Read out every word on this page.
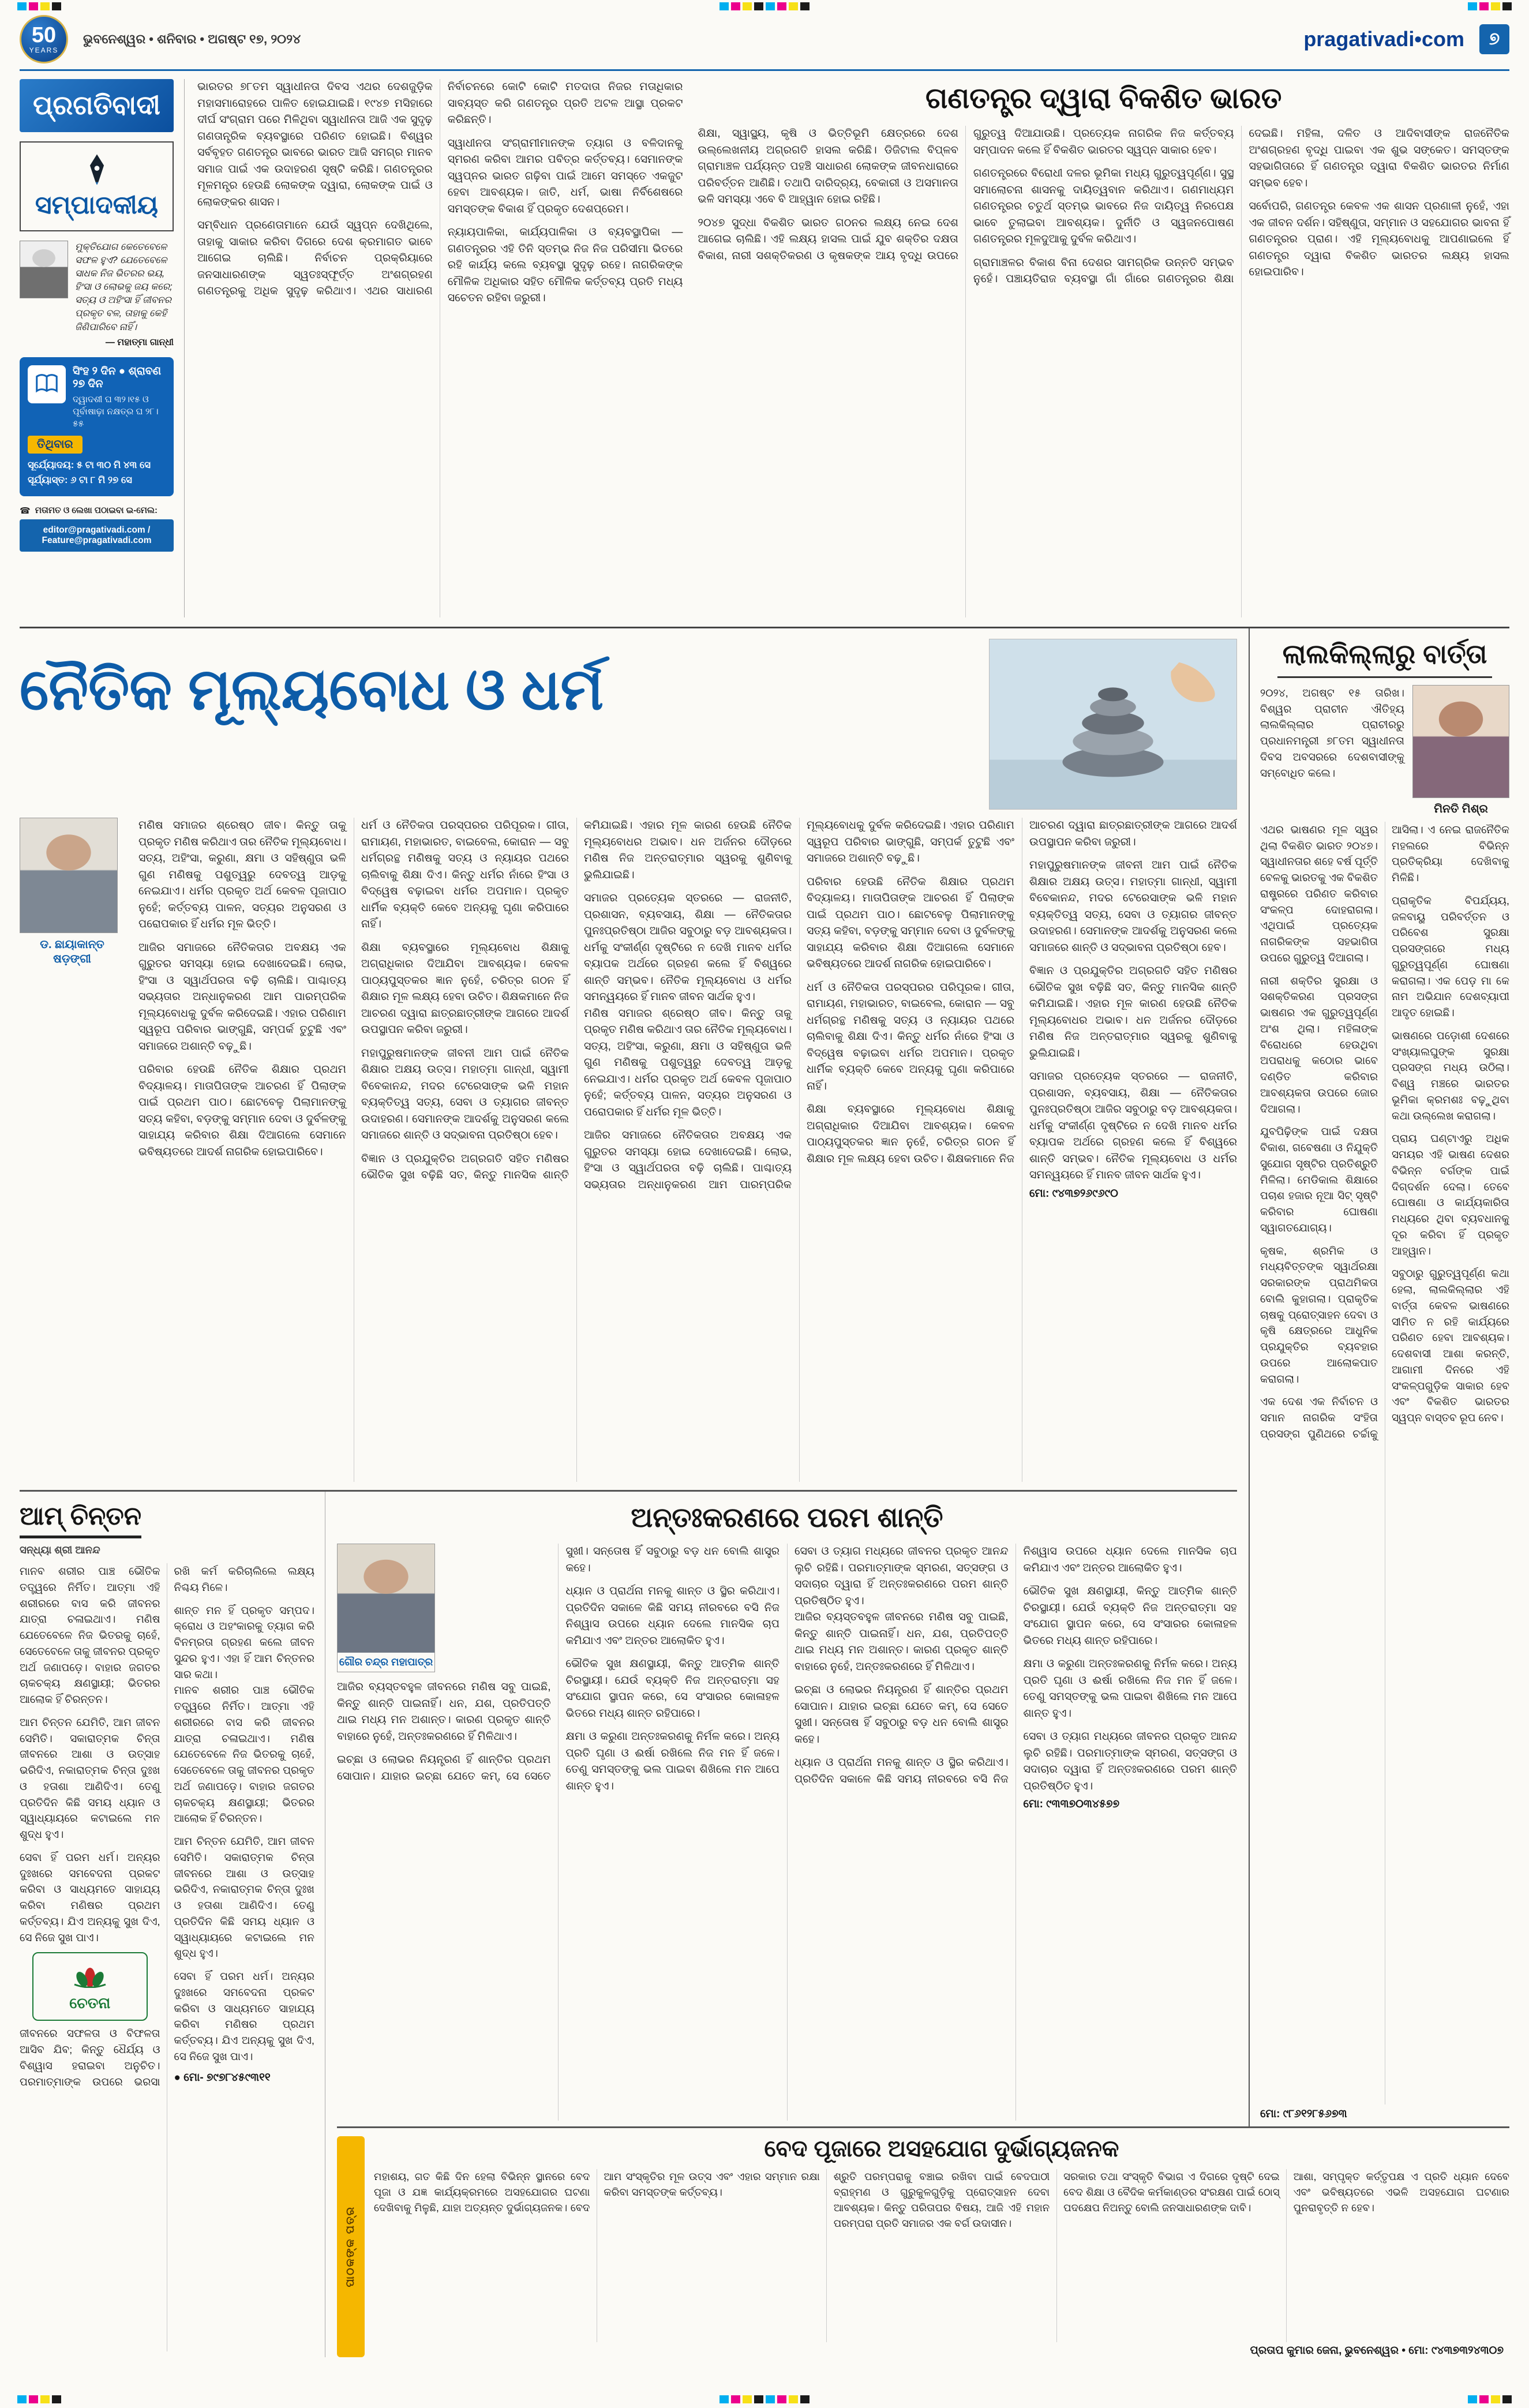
50
YEARS
ଭୁବନେଶ୍ୱର • ଶନିବାର • ଅଗଷ୍ଟ ୧୭, ୨୦୨୪	pragativadi•com	୭
ପ୍ରଗତିବାଦୀ
ସମ୍ପାଦକୀୟ
ମୁକ୍ତିଯୋଗ କେତେବେଳେ ସଫଳ ହୁଏ? ଯେତେବେଳେ ସାଧକ ନିଜ ଭିତରର ଭୟ, ହିଂସା ଓ ଲୋଭକୁ ଜୟ କରେ; ସତ୍ୟ ଓ ଅହିଂସା ହିଁ ଜୀବନର ପ୍ରକୃତ ବଳ, ତାହାକୁ କେହି ଜିଣିପାରିବେ ନାହିଁ।
— ମହାତ୍ମା ଗାନ୍ଧୀ
ସିଂହ ୨ ଦିନ ● ଶ୍ରାବଣ ୨୭ ଦିନ
ଦ୍ୱାଦଶୀ ଘ ୩୨।୧୫ ଓ ପୂର୍ବାଷାଢ଼ା ନକ୍ଷତ୍ର ଘ ୨୮।୫୫
ତିଥିବାର
ସୂର୍ଯ୍ୟୋଦୟ: ୫ ଟା ୩୦ ମି ୪୩ ସେ
ସୂର୍ଯ୍ୟାସ୍ତ: ୬ ଟା ୮ ମି ୨୭ ସେ
☎ ମତାମତ ଓ ଲେଖା ପଠାଇବା ଇ-ମେଲ:
editor@pragativadi.com / Feature@pragativadi.com

ଭାରତର ୭୮ତମ ସ୍ୱାଧୀନତା ଦିବସ ଏଥର ଦେଶଜୁଡ଼ିକ ମହାସମାରୋହରେ ପାଳିତ ହୋଇଯାଇଛି। ୧୯୪୭ ମସିହାରେ ଦୀର୍ଘ ସଂଗ୍ରାମ ପରେ ମିଳିଥିବା ସ୍ୱାଧୀନତା ଆଜି ଏକ ସୁଦୃଢ଼ ଗଣତାନ୍ତ୍ରିକ ବ୍ୟବସ୍ଥାରେ ପରିଣତ ହୋଇଛି। ବିଶ୍ୱର ସର୍ବବୃହତ ଗଣତନ୍ତ୍ର ଭାବରେ ଭାରତ ଆଜି ସମଗ୍ର ମାନବ ସମାଜ ପାଇଁ ଏକ ଉଦାହରଣ ସୃଷ୍ଟି କରିଛି। ଗଣତନ୍ତ୍ରର ମୂଳମନ୍ତ୍ର ହେଉଛି ଲୋକଙ୍କ ଦ୍ୱାରା, ଲୋକଙ୍କ ପାଇଁ ଓ ଲୋକଙ୍କର ଶାସନ।

ସମ୍ବିଧାନ ପ୍ରଣେତାମାନେ ଯେଉଁ ସ୍ୱପ୍ନ ଦେଖିଥିଲେ, ତାହାକୁ ସାକାର କରିବା ଦିଗରେ ଦେଶ କ୍ରମାଗତ ଭାବେ ଆଗେଇ ଚାଲିଛି। ନିର୍ବାଚନ ପ୍ରକ୍ରିୟାରେ ଜନସାଧାରଣଙ୍କ ସ୍ୱତଃସ୍ଫୂର୍ତ୍ତ ଅଂଶଗ୍ରହଣ ଗଣତନ୍ତ୍ରକୁ ଅଧିକ ସୁଦୃଢ଼ କରିଥାଏ। ଏଥର ସାଧାରଣ ନିର୍ବାଚନରେ କୋଟି କୋଟି ମତଦାତା ନିଜର ମତାଧିକାର ସାବ୍ୟସ୍ତ କରି ଗଣତନ୍ତ୍ର ପ୍ରତି ଅଟଳ ଆସ୍ଥା ପ୍ରକଟ କରିଛନ୍ତି।

ସ୍ୱାଧୀନତା ସଂଗ୍ରାମୀମାନଙ୍କ ତ୍ୟାଗ ଓ ବଳିଦାନକୁ ସ୍ମରଣ କରିବା ଆମର ପବିତ୍ର କର୍ତ୍ତବ୍ୟ। ସେମାନଙ୍କ ସ୍ୱପ୍ନର ଭାରତ ଗଢ଼ିବା ପାଇଁ ଆମେ ସମସ୍ତେ ଏକଜୁଟ ହେବା ଆବଶ୍ୟକ। ଜାତି, ଧର୍ମ, ଭାଷା ନିର୍ବିଶେଷରେ ସମସ୍ତଙ୍କ ବିକାଶ ହିଁ ପ୍ରକୃତ ଦେଶପ୍ରେମ।

ନ୍ୟାୟପାଳିକା, କାର୍ଯ୍ୟପାଳିକା ଓ ବ୍ୟବସ୍ଥାପିକା — ଗଣତନ୍ତ୍ରର ଏହି ତିନି ସ୍ତମ୍ଭ ନିଜ ନିଜ ପରିସୀମା ଭିତରେ ରହି କାର୍ଯ୍ୟ କଲେ ବ୍ୟବସ୍ଥା ସୁଦୃଢ଼ ରହେ। ନାଗରିକଙ୍କ ମୌଳିକ ଅଧିକାର ସହିତ ମୌଳିକ କର୍ତ୍ତବ୍ୟ ପ୍ରତି ମଧ୍ୟ ସଚେତନ ରହିବା ଜରୁରୀ।

ଗଣତନ୍ତ୍ର ଦ୍ୱାରା ବିକଶିତ ଭାରତ

ଶିକ୍ଷା, ସ୍ୱାସ୍ଥ୍ୟ, କୃଷି ଓ ଭିତ୍ତିଭୂମି କ୍ଷେତ୍ରରେ ଦେଶ ଉଲ୍ଲେଖନୀୟ ଅଗ୍ରଗତି ହାସଲ କରିଛି। ଡିଜିଟାଲ ବିପ୍ଳବ ଗ୍ରାମାଞ୍ଚଳ ପର୍ଯ୍ୟନ୍ତ ପହଞ୍ଚି ସାଧାରଣ ଲୋକଙ୍କ ଜୀବନଧାରାରେ ପରିବର୍ତ୍ତନ ଆଣିଛି। ତଥାପି ଦାରିଦ୍ର୍ୟ, ବେକାରୀ ଓ ଅସମାନତା ଭଳି ସମସ୍ୟା ଏବେ ବି ଆହ୍ୱାନ ହୋଇ ରହିଛି।

୨୦୪୭ ସୁଦ୍ଧା ବିକଶିତ ଭାରତ ଗଠନର ଲକ୍ଷ୍ୟ ନେଇ ଦେଶ ଆଗେଇ ଚାଲିଛି। ଏହି ଲକ୍ଷ୍ୟ ହାସଲ ପାଇଁ ଯୁବ ଶକ୍ତିର ଦକ୍ଷତା ବିକାଶ, ନାରୀ ସଶକ୍ତିକରଣ ଓ କୃଷକଙ୍କ ଆୟ ବୃଦ୍ଧି ଉପରେ ଗୁରୁତ୍ୱ ଦିଆଯାଉଛି। ପ୍ରତ୍ୟେକ ନାଗରିକ ନିଜ କର୍ତ୍ତବ୍ୟ ସମ୍ପାଦନ କଲେ ହିଁ ବିକଶିତ ଭାରତର ସ୍ୱପ୍ନ ସାକାର ହେବ।

ଗଣତନ୍ତ୍ରରେ ବିରୋଧୀ ଦଳର ଭୂମିକା ମଧ୍ୟ ଗୁରୁତ୍ୱପୂର୍ଣ୍ଣ। ସୁସ୍ଥ ସମାଲୋଚନା ଶାସନକୁ ଦାୟିତ୍ୱବାନ କରିଥାଏ। ଗଣମାଧ୍ୟମ ଗଣତନ୍ତ୍ରର ଚତୁର୍ଥ ସ୍ତମ୍ଭ ଭାବରେ ନିଜ ଦାୟିତ୍ୱ ନିରପେକ୍ଷ ଭାବେ ତୁଲାଇବା ଆବଶ୍ୟକ। ଦୁର୍ନୀତି ଓ ସ୍ୱଜନପୋଷଣ ଗଣତନ୍ତ୍ରର ମୂଳଦୁଆକୁ ଦୁର୍ବଳ କରିଥାଏ।

ଗ୍ରାମାଞ୍ଚଳର ବିକାଶ ବିନା ଦେଶର ସାମଗ୍ରିକ ଉନ୍ନତି ସମ୍ଭବ ନୁହେଁ। ପଞ୍ଚାୟତିରାଜ ବ୍ୟବସ୍ଥା ଗାଁ ଗାଁରେ ଗଣତନ୍ତ୍ରର ଶିକ୍ଷା ଦେଇଛି। ମହିଳା, ଦଳିତ ଓ ଆଦିବାସୀଙ୍କ ରାଜନୈତିକ ଅଂଶଗ୍ରହଣ ବୃଦ୍ଧି ପାଇବା ଏକ ଶୁଭ ସଙ୍କେତ। ସମସ୍ତଙ୍କ ସହଭାଗିତାରେ ହିଁ ଗଣତନ୍ତ୍ର ଦ୍ୱାରା ବିକଶିତ ଭାରତର ନିର୍ମାଣ ସମ୍ଭବ ହେବ।

ସର୍ବୋପରି, ଗଣତନ୍ତ୍ର କେବଳ ଏକ ଶାସନ ପ୍ରଣାଳୀ ନୁହେଁ, ଏହା ଏକ ଜୀବନ ଦର୍ଶନ। ସହିଷ୍ଣୁତା, ସମ୍ମାନ ଓ ସହଯୋଗର ଭାବନା ହିଁ ଗଣତନ୍ତ୍ରର ପ୍ରାଣ। ଏହି ମୂଲ୍ୟବୋଧକୁ ଆପଣାଇଲେ ହିଁ ଗଣତନ୍ତ୍ର ଦ୍ୱାରା ବିକଶିତ ଭାରତର ଲକ୍ଷ୍ୟ ହାସଲ ହୋଇପାରିବ।

ନୈତିକ ମୂଲ୍ୟବୋଧ ଓ ଧର୍ମ
ଡ. ଛାୟାକାନ୍ତ ଷଡ଼ଙ୍ଗୀ

ମଣିଷ ସମାଜର ଶ୍ରେଷ୍ଠ ଜୀବ। କିନ୍ତୁ ତାକୁ ପ୍ରକୃତ ମଣିଷ କରିଥାଏ ତାର ନୈତିକ ମୂଲ୍ୟବୋଧ। ସତ୍ୟ, ଅହିଂସା, କରୁଣା, କ୍ଷମା ଓ ସହିଷ୍ଣୁତା ଭଳି ଗୁଣ ମଣିଷକୁ ପଶୁତ୍ୱରୁ ଦେବତ୍ୱ ଆଡ଼କୁ ନେଇଯାଏ। ଧର୍ମର ପ୍ରକୃତ ଅର୍ଥ କେବଳ ପୂଜାପାଠ ନୁହେଁ; କର୍ତ୍ତବ୍ୟ ପାଳନ, ସତ୍ୟର ଅନୁସରଣ ଓ ପରୋପକାର ହିଁ ଧର୍ମର ମୂଳ ଭିତ୍ତି।

ଆଜିର ସମାଜରେ ନୈତିକତାର ଅବକ୍ଷୟ ଏକ ଗୁରୁତର ସମସ୍ୟା ହୋଇ ଦେଖାଦେଇଛି। ଲୋଭ, ହିଂସା ଓ ସ୍ୱାର୍ଥପରତା ବଢ଼ି ଚାଲିଛି। ପାଶ୍ଚାତ୍ୟ ସଭ୍ୟତାର ଅନ୍ଧାନୁକରଣ ଆମ ପାରମ୍ପରିକ ମୂଲ୍ୟବୋଧକୁ ଦୁର୍ବଳ କରିଦେଇଛି। ଏହାର ପରିଣାମ ସ୍ୱରୂପ ପରିବାର ଭାଙ୍ଗୁଛି, ସମ୍ପର୍କ ତୁଟୁଛି ଏବଂ ସମାଜରେ ଅଶାନ୍ତି ବଢ଼ୁଛି।

ପରିବାର ହେଉଛି ନୈତିକ ଶିକ୍ଷାର ପ୍ରଥମ ବିଦ୍ୟାଳୟ। ମାତାପିତାଙ୍କ ଆଚରଣ ହିଁ ପିଲାଙ୍କ ପାଇଁ ପ୍ରଥମ ପାଠ। ଛୋଟବେଳୁ ପିଲାମାନଙ୍କୁ ସତ୍ୟ କହିବା, ବଡ଼ଙ୍କୁ ସମ୍ମାନ ଦେବା ଓ ଦୁର୍ବଳଙ୍କୁ ସାହାଯ୍ୟ କରିବାର ଶିକ୍ଷା ଦିଆଗଲେ ସେମାନେ ଭବିଷ୍ୟତରେ ଆଦର୍ଶ ନାଗରିକ ହୋଇପାରିବେ।

ଧର୍ମ ଓ ନୈତିକତା ପରସ୍ପରର ପରିପୂରକ। ଗୀତା, ରାମାୟଣ, ମହାଭାରତ, ବାଇବେଲ, କୋରାନ — ସବୁ ଧର୍ମଗ୍ରନ୍ଥ ମଣିଷକୁ ସତ୍ୟ ଓ ନ୍ୟାୟର ପଥରେ ଚାଲିବାକୁ ଶିକ୍ଷା ଦିଏ। କିନ୍ତୁ ଧର୍ମର ନାଁରେ ହିଂସା ଓ ବିଦ୍ୱେଷ ବଢ଼ାଇବା ଧର୍ମର ଅପମାନ। ପ୍ରକୃତ ଧାର୍ମିକ ବ୍ୟକ୍ତି କେବେ ଅନ୍ୟକୁ ଘୃଣା କରିପାରେ ନାହିଁ।

ଶିକ୍ଷା ବ୍ୟବସ୍ଥାରେ ମୂଲ୍ୟବୋଧ ଶିକ୍ଷାକୁ ଅଗ୍ରାଧିକାର ଦିଆଯିବା ଆବଶ୍ୟକ। କେବଳ ପାଠ୍ୟପୁସ୍ତକର ଜ୍ଞାନ ନୁହେଁ, ଚରିତ୍ର ଗଠନ ହିଁ ଶିକ୍ଷାର ମୂଳ ଲକ୍ଷ୍ୟ ହେବା ଉଚିତ। ଶିକ୍ଷକମାନେ ନିଜ ଆଚରଣ ଦ୍ୱାରା ଛାତ୍ରଛାତ୍ରୀଙ୍କ ଆଗରେ ଆଦର୍ଶ ଉପସ୍ଥାପନ କରିବା ଜରୁରୀ।

ମହାପୁରୁଷମାନଙ୍କ ଜୀବନୀ ଆମ ପାଇଁ ନୈତିକ ଶିକ୍ଷାର ଅକ୍ଷୟ ଉତ୍ସ। ମହାତ୍ମା ଗାନ୍ଧୀ, ସ୍ୱାମୀ ବିବେକାନନ୍ଦ, ମଦର ଟେରେସାଙ୍କ ଭଳି ମହାନ ବ୍ୟକ୍ତିତ୍ୱ ସତ୍ୟ, ସେବା ଓ ତ୍ୟାଗର ଜୀବନ୍ତ ଉଦାହରଣ। ସେମାନଙ୍କ ଆଦର୍ଶକୁ ଅନୁସରଣ କଲେ ସମାଜରେ ଶାନ୍ତି ଓ ସଦ୍ଭାବନା ପ୍ରତିଷ୍ଠା ହେବ।

ବିଜ୍ଞାନ ଓ ପ୍ରଯୁକ୍ତିର ଅଗ୍ରଗତି ସହିତ ମଣିଷର ଭୌତିକ ସୁଖ ବଢ଼ିଛି ସତ, କିନ୍ତୁ ମାନସିକ ଶାନ୍ତି କମିଯାଇଛି। ଏହାର ମୂଳ କାରଣ ହେଉଛି ନୈତିକ ମୂଲ୍ୟବୋଧର ଅଭାବ। ଧନ ଅର୍ଜନର ଦୌଡ଼ରେ ମଣିଷ ନିଜ ଅନ୍ତରାତ୍ମାର ସ୍ୱରକୁ ଶୁଣିବାକୁ ଭୁଲିଯାଇଛି।

ସମାଜର ପ୍ରତ୍ୟେକ ସ୍ତରରେ — ରାଜନୀତି, ପ୍ରଶାସନ, ବ୍ୟବସାୟ, ଶିକ୍ଷା — ନୈତିକତାର ପୁନଃପ୍ରତିଷ୍ଠା ଆଜିର ସବୁଠାରୁ ବଡ଼ ଆବଶ୍ୟକତା। ଧର୍ମକୁ ସଂକୀର୍ଣ୍ଣ ଦୃଷ୍ଟିରେ ନ ଦେଖି ମାନବ ଧର୍ମର ବ୍ୟାପକ ଅର୍ଥରେ ଗ୍ରହଣ କଲେ ହିଁ ବିଶ୍ୱରେ ଶାନ୍ତି ସମ୍ଭବ। ନୈତିକ ମୂଲ୍ୟବୋଧ ଓ ଧର୍ମର ସମନ୍ୱୟରେ ହିଁ ମାନବ ଜୀବନ ସାର୍ଥକ ହୁଏ।

ମଣିଷ ସମାଜର ଶ୍ରେଷ୍ଠ ଜୀବ। କିନ୍ତୁ ତାକୁ ପ୍ରକୃତ ମଣିଷ କରିଥାଏ ତାର ନୈତିକ ମୂଲ୍ୟବୋଧ। ସତ୍ୟ, ଅହିଂସା, କରୁଣା, କ୍ଷମା ଓ ସହିଷ୍ଣୁତା ଭଳି ଗୁଣ ମଣିଷକୁ ପଶୁତ୍ୱରୁ ଦେବତ୍ୱ ଆଡ଼କୁ ନେଇଯାଏ। ଧର୍ମର ପ୍ରକୃତ ଅର୍ଥ କେବଳ ପୂଜାପାଠ ନୁହେଁ; କର୍ତ୍ତବ୍ୟ ପାଳନ, ସତ୍ୟର ଅନୁସରଣ ଓ ପରୋପକାର ହିଁ ଧର୍ମର ମୂଳ ଭିତ୍ତି।

ଆଜିର ସମାଜରେ ନୈତିକତାର ଅବକ୍ଷୟ ଏକ ଗୁରୁତର ସମସ୍ୟା ହୋଇ ଦେଖାଦେଇଛି। ଲୋଭ, ହିଂସା ଓ ସ୍ୱାର୍ଥପରତା ବଢ଼ି ଚାଲିଛି। ପାଶ୍ଚାତ୍ୟ ସଭ୍ୟତାର ଅନ୍ଧାନୁକରଣ ଆମ ପାରମ୍ପରିକ ମୂଲ୍ୟବୋଧକୁ ଦୁର୍ବଳ କରିଦେଇଛି। ଏହାର ପରିଣାମ ସ୍ୱରୂପ ପରିବାର ଭାଙ୍ଗୁଛି, ସମ୍ପର୍କ ତୁଟୁଛି ଏବଂ ସମାଜରେ ଅଶାନ୍ତି ବଢ଼ୁଛି।

ପରିବାର ହେଉଛି ନୈତିକ ଶିକ୍ଷାର ପ୍ରଥମ ବିଦ୍ୟାଳୟ। ମାତାପିତାଙ୍କ ଆଚରଣ ହିଁ ପିଲାଙ୍କ ପାଇଁ ପ୍ରଥମ ପାଠ। ଛୋଟବେଳୁ ପିଲାମାନଙ୍କୁ ସତ୍ୟ କହିବା, ବଡ଼ଙ୍କୁ ସମ୍ମାନ ଦେବା ଓ ଦୁର୍ବଳଙ୍କୁ ସାହାଯ୍ୟ କରିବାର ଶିକ୍ଷା ଦିଆଗଲେ ସେମାନେ ଭବିଷ୍ୟତରେ ଆଦର୍ଶ ନାଗରିକ ହୋଇପାରିବେ।

ଧର୍ମ ଓ ନୈତିକତା ପରସ୍ପରର ପରିପୂରକ। ଗୀତା, ରାମାୟଣ, ମହାଭାରତ, ବାଇବେଲ, କୋରାନ — ସବୁ ଧର୍ମଗ୍ରନ୍ଥ ମଣିଷକୁ ସତ୍ୟ ଓ ନ୍ୟାୟର ପଥରେ ଚାଲିବାକୁ ଶିକ୍ଷା ଦିଏ। କିନ୍ତୁ ଧର୍ମର ନାଁରେ ହିଂସା ଓ ବିଦ୍ୱେଷ ବଢ଼ାଇବା ଧର୍ମର ଅପମାନ। ପ୍ରକୃତ ଧାର୍ମିକ ବ୍ୟକ୍ତି କେବେ ଅନ୍ୟକୁ ଘୃଣା କରିପାରେ ନାହିଁ।

ଶିକ୍ଷା ବ୍ୟବସ୍ଥାରେ ମୂଲ୍ୟବୋଧ ଶିକ୍ଷାକୁ ଅଗ୍ରାଧିକାର ଦିଆଯିବା ଆବଶ୍ୟକ। କେବଳ ପାଠ୍ୟପୁସ୍ତକର ଜ୍ଞାନ ନୁହେଁ, ଚରିତ୍ର ଗଠନ ହିଁ ଶିକ୍ଷାର ମୂଳ ଲକ୍ଷ୍ୟ ହେବା ଉଚିତ। ଶିକ୍ଷକମାନେ ନିଜ ଆଚରଣ ଦ୍ୱାରା ଛାତ୍ରଛାତ୍ରୀଙ୍କ ଆଗରେ ଆଦର୍ଶ ଉପସ୍ଥାପନ କରିବା ଜରୁରୀ।

ମହାପୁରୁଷମାନଙ୍କ ଜୀବନୀ ଆମ ପାଇଁ ନୈତିକ ଶିକ୍ଷାର ଅକ୍ଷୟ ଉତ୍ସ। ମହାତ୍ମା ଗାନ୍ଧୀ, ସ୍ୱାମୀ ବିବେକାନନ୍ଦ, ମଦର ଟେରେସାଙ୍କ ଭଳି ମହାନ ବ୍ୟକ୍ତିତ୍ୱ ସତ୍ୟ, ସେବା ଓ ତ୍ୟାଗର ଜୀବନ୍ତ ଉଦାହରଣ। ସେମାନଙ୍କ ଆଦର୍ଶକୁ ଅନୁସରଣ କଲେ ସମାଜରେ ଶାନ୍ତି ଓ ସଦ୍ଭାବନା ପ୍ରତିଷ୍ଠା ହେବ।

ବିଜ୍ଞାନ ଓ ପ୍ରଯୁକ୍ତିର ଅଗ୍ରଗତି ସହିତ ମଣିଷର ଭୌତିକ ସୁଖ ବଢ଼ିଛି ସତ, କିନ୍ତୁ ମାନସିକ ଶାନ୍ତି କମିଯାଇଛି। ଏହାର ମୂଳ କାରଣ ହେଉଛି ନୈତିକ ମୂଲ୍ୟବୋଧର ଅଭାବ। ଧନ ଅର୍ଜନର ଦୌଡ଼ରେ ମଣିଷ ନିଜ ଅନ୍ତରାତ୍ମାର ସ୍ୱରକୁ ଶୁଣିବାକୁ ଭୁଲିଯାଇଛି।

ସମାଜର ପ୍ରତ୍ୟେକ ସ୍ତରରେ — ରାଜନୀତି, ପ୍ରଶାସନ, ବ୍ୟବସାୟ, ଶିକ୍ଷା — ନୈତିକତାର ପୁନଃପ୍ରତିଷ୍ଠା ଆଜିର ସବୁଠାରୁ ବଡ଼ ଆବଶ୍ୟକତା। ଧର୍ମକୁ ସଂକୀର୍ଣ୍ଣ ଦୃଷ୍ଟିରେ ନ ଦେଖି ମାନବ ଧର୍ମର ବ୍ୟାପକ ଅର୍ଥରେ ଗ୍ରହଣ କଲେ ହିଁ ବିଶ୍ୱରେ ଶାନ୍ତି ସମ୍ଭବ। ନୈତିକ ମୂଲ୍ୟବୋଧ ଓ ଧର୍ମର ସମନ୍ୱୟରେ ହିଁ ମାନବ ଜୀବନ ସାର୍ଥକ ହୁଏ।

ମୋ: ୯୪୩୭୨୬୯୬୯୦
ଲାଲକିଲ୍ଲାରୁ ବାର୍ତ୍ତା

୨୦୨୪, ଅଗଷ୍ଟ ୧୫ ତାରିଖ। ବିଶ୍ୱର ପ୍ରାଚୀନ ଐତିହ୍ୟ ଲାଲକିଲ୍ଲାର ପ୍ରାଚୀରରୁ ପ୍ରଧାନମନ୍ତ୍ରୀ ୭୮ତମ ସ୍ୱାଧୀନତା ଦିବସ ଅବସରରେ ଦେଶବାସୀଙ୍କୁ ସମ୍ବୋଧିତ କଲେ।

ମିନତି ମିଶ୍ର

ଏଥର ଭାଷଣର ମୂଳ ସ୍ୱର ଥିଲା ବିକଶିତ ଭାରତ ୨୦୪୭। ସ୍ୱାଧୀନତାର ଶହେ ବର୍ଷ ପୂର୍ତ୍ତି ବେଳକୁ ଭାରତକୁ ଏକ ବିକଶିତ ରାଷ୍ଟ୍ରରେ ପରିଣତ କରିବାର ସଂକଳ୍ପ ଦୋହରାଗଲା। ଏଥିପାଇଁ ପ୍ରତ୍ୟେକ ନାଗରିକଙ୍କ ସହଭାଗିତା ଉପରେ ଗୁରୁତ୍ୱ ଦିଆଗଲା।

ନାରୀ ଶକ୍ତିର ସୁରକ୍ଷା ଓ ସଶକ୍ତିକରଣ ପ୍ରସଙ୍ଗ ଭାଷଣର ଏକ ଗୁରୁତ୍ୱପୂର୍ଣ୍ଣ ଅଂଶ ଥିଲା। ମହିଳାଙ୍କ ବିରୋଧରେ ହେଉଥିବା ଅପରାଧକୁ କଠୋର ଭାବେ ଦଣ୍ଡିତ କରିବାର ଆବଶ୍ୟକତା ଉପରେ ଜୋର ଦିଆଗଲା।

ଯୁବପିଢ଼ିଙ୍କ ପାଇଁ ଦକ୍ଷତା ବିକାଶ, ଗବେଷଣା ଓ ନିଯୁକ୍ତି ସୁଯୋଗ ସୃଷ୍ଟିର ପ୍ରତିଶ୍ରୁତି ମିଳିଲା। ମେଡିକାଲ ଶିକ୍ଷାରେ ପଚାଶ ହଜାର ନୂଆ ସିଟ୍ ସୃଷ୍ଟି କରିବାର ଘୋଷଣା ସ୍ୱାଗତଯୋଗ୍ୟ।

କୃଷକ, ଶ୍ରମିକ ଓ ମଧ୍ୟବିତ୍ତଙ୍କ ସ୍ୱାର୍ଥରକ୍ଷା ସରକାରଙ୍କ ପ୍ରାଥମିକତା ବୋଲି କୁହାଗଲା। ପ୍ରାକୃତିକ ଚାଷକୁ ପ୍ରୋତ୍ସାହନ ଦେବା ଓ କୃଷି କ୍ଷେତ୍ରରେ ଆଧୁନିକ ପ୍ରଯୁକ୍ତିର ବ୍ୟବହାର ଉପରେ ଆଲୋକପାତ କରାଗଲା।

ଏକ ଦେଶ ଏକ ନିର୍ବାଚନ ଓ ସମାନ ନାଗରିକ ସଂହିତା ପ୍ରସଙ୍ଗ ପୁଣିଥରେ ଚର୍ଚ୍ଚାକୁ ଆସିଲା। ଏ ନେଇ ରାଜନୈତିକ ମହଲରେ ବିଭିନ୍ନ ପ୍ରତିକ୍ରିୟା ଦେଖିବାକୁ ମିଳିଛି।

ପ୍ରାକୃତିକ ବିପର୍ଯ୍ୟୟ, ଜଳବାୟୁ ପରିବର୍ତ୍ତନ ଓ ପରିବେଶ ସୁରକ୍ଷା ପ୍ରସଙ୍ଗରେ ମଧ୍ୟ ଗୁରୁତ୍ୱପୂର୍ଣ୍ଣ ଘୋଷଣା କରାଗଲା। ଏକ ପେଡ଼ ମା କେ ନାମ ଅଭିଯାନ ଦେଶବ୍ୟାପୀ ଆଦୃତ ହୋଇଛି।

ଭାଷଣରେ ପଡ଼ୋଶୀ ଦେଶରେ ସଂଖ୍ୟାଲଘୁଙ୍କ ସୁରକ୍ଷା ପ୍ରସଙ୍ଗ ମଧ୍ୟ ଉଠିଲା। ବିଶ୍ୱ ମଞ୍ଚରେ ଭାରତର ଭୂମିକା କ୍ରମଶଃ ବଢ଼ୁଥିବା କଥା ଉଲ୍ଲେଖ କରାଗଲା।

ପ୍ରାୟ ଘଣ୍ଟାଏରୁ ଅଧିକ ସମୟର ଏହି ଭାଷଣ ଦେଶର ବିଭିନ୍ନ ବର୍ଗଙ୍କ ପାଇଁ ଦିଗ୍‌ଦର୍ଶନ ଦେଲା। ତେବେ ଘୋଷଣା ଓ କାର୍ଯ୍ୟକାରିତା ମଧ୍ୟରେ ଥିବା ବ୍ୟବଧାନକୁ ଦୂର କରିବା ହିଁ ପ୍ରକୃତ ଆହ୍ୱାନ।

ସବୁଠାରୁ ଗୁରୁତ୍ୱପୂର୍ଣ୍ଣ କଥା ହେଲା, ଲାଲକିଲ୍ଲାର ଏହି ବାର୍ତ୍ତା କେବଳ ଭାଷଣରେ ସୀମିତ ନ ରହି କାର୍ଯ୍ୟରେ ପରିଣତ ହେବା ଆବଶ୍ୟକ। ଦେଶବାସୀ ଆଶା କରନ୍ତି, ଆଗାମୀ ଦିନରେ ଏହି ସଂକଳ୍ପଗୁଡ଼ିକ ସାକାର ହେବ ଏବଂ ବିକଶିତ ଭାରତର ସ୍ୱପ୍ନ ବାସ୍ତବ ରୂପ ନେବ।

ମୋ: ୯୮୬୧୨୮୫୬୭୩
ଆମ୍ ଚିନ୍ତନ
ସନ୍ଧ୍ୟା ଶ୍ରୀ ଆନନ୍ଦ

ମାନବ ଶରୀର ପାଞ୍ଚ ଭୌତିକ ତତ୍ତ୍ୱରେ ନିର୍ମିତ। ଆତ୍ମା ଏହି ଶରୀରରେ ବାସ କରି ଜୀବନର ଯାତ୍ରା ଚଳାଇଥାଏ। ମଣିଷ ଯେତେବେଳେ ନିଜ ଭିତରକୁ ଚାହେଁ, ସେତେବେଳେ ତାକୁ ଜୀବନର ପ୍ରକୃତ ଅର୍ଥ ଜଣାପଡ଼େ। ବାହାର ଜଗତର ଚାକଚକ୍ୟ କ୍ଷଣସ୍ଥାୟୀ; ଭିତରର ଆଲୋକ ହିଁ ଚିରନ୍ତନ।

ଆମ ଚିନ୍ତନ ଯେମିତି, ଆମ ଜୀବନ ସେମିତି। ସକାରାତ୍ମକ ଚିନ୍ତା ଜୀବନରେ ଆଶା ଓ ଉତ୍ସାହ ଭରିଦିଏ, ନକାରାତ୍ମକ ଚିନ୍ତା ଦୁଃଖ ଓ ହତାଶା ଆଣିଦିଏ। ତେଣୁ ପ୍ରତିଦିନ କିଛି ସମୟ ଧ୍ୟାନ ଓ ସ୍ୱାଧ୍ୟାୟରେ କଟାଇଲେ ମନ ଶୁଦ୍ଧ ହୁଏ।

ସେବା ହିଁ ପରମ ଧର୍ମ। ଅନ୍ୟର ଦୁଃଖରେ ସମବେଦନା ପ୍ରକଟ କରିବା ଓ ସାଧ୍ୟମତେ ସାହାଯ୍ୟ କରିବା ମଣିଷର ପ୍ରଥମ କର୍ତ୍ତବ୍ୟ। ଯିଏ ଅନ୍ୟକୁ ସୁଖ ଦିଏ, ସେ ନିଜେ ସୁଖ ପାଏ।

ଚେତନା

ଜୀବନରେ ସଫଳତା ଓ ବିଫଳତା ଆସିବ ଯିବ; କିନ୍ତୁ ଧୈର୍ଯ୍ୟ ଓ ବିଶ୍ୱାସ ହରାଇବା ଅନୁଚିତ। ପରମାତ୍ମାଙ୍କ ଉପରେ ଭରସା ରଖି କର୍ମ କରିଚାଲିଲେ ଲକ୍ଷ୍ୟ ନିଶ୍ଚୟ ମିଳେ।

ଶାନ୍ତ ମନ ହିଁ ପ୍ରକୃତ ସମ୍ପଦ। କ୍ରୋଧ ଓ ଅହଂକାରକୁ ତ୍ୟାଗ କରି ବିନମ୍ରତା ଗ୍ରହଣ କଲେ ଜୀବନ ସୁନ୍ଦର ହୁଏ। ଏହା ହିଁ ଆମ ଚିନ୍ତନର ସାର କଥା।

ମାନବ ଶରୀର ପାଞ୍ଚ ଭୌତିକ ତତ୍ତ୍ୱରେ ନିର୍ମିତ। ଆତ୍ମା ଏହି ଶରୀରରେ ବାସ କରି ଜୀବନର ଯାତ୍ରା ଚଳାଇଥାଏ। ମଣିଷ ଯେତେବେଳେ ନିଜ ଭିତରକୁ ଚାହେଁ, ସେତେବେଳେ ତାକୁ ଜୀବନର ପ୍ରକୃତ ଅର୍ଥ ଜଣାପଡ଼େ। ବାହାର ଜଗତର ଚାକଚକ୍ୟ କ୍ଷଣସ୍ଥାୟୀ; ଭିତରର ଆଲୋକ ହିଁ ଚିରନ୍ତନ।

ଆମ ଚିନ୍ତନ ଯେମିତି, ଆମ ଜୀବନ ସେମିତି। ସକାରାତ୍ମକ ଚିନ୍ତା ଜୀବନରେ ଆଶା ଓ ଉତ୍ସାହ ଭରିଦିଏ, ନକାରାତ୍ମକ ଚିନ୍ତା ଦୁଃଖ ଓ ହତାଶା ଆଣିଦିଏ। ତେଣୁ ପ୍ରତିଦିନ କିଛି ସମୟ ଧ୍ୟାନ ଓ ସ୍ୱାଧ୍ୟାୟରେ କଟାଇଲେ ମନ ଶୁଦ୍ଧ ହୁଏ।

ସେବା ହିଁ ପରମ ଧର୍ମ। ଅନ୍ୟର ଦୁଃଖରେ ସମବେଦନା ପ୍ରକଟ କରିବା ଓ ସାଧ୍ୟମତେ ସାହାଯ୍ୟ କରିବା ମଣିଷର ପ୍ରଥମ କର୍ତ୍ତବ୍ୟ। ଯିଏ ଅନ୍ୟକୁ ସୁଖ ଦିଏ, ସେ ନିଜେ ସୁଖ ପାଏ।

● ମୋ- ୭୯୭୮୪୫୯୩୧୧
ଅନ୍ତଃକରଣରେ ପରମ ଶାନ୍ତି
ଗୌର ଚନ୍ଦ୍ର ମହାପାତ୍ର

ଆଜିର ବ୍ୟସ୍ତବହୁଳ ଜୀବନରେ ମଣିଷ ସବୁ ପାଇଛି, କିନ୍ତୁ ଶାନ୍ତି ପାଇନାହିଁ। ଧନ, ଯଶ, ପ୍ରତିପତ୍ତି ଥାଇ ମଧ୍ୟ ମନ ଅଶାନ୍ତ। କାରଣ ପ୍ରକୃତ ଶାନ୍ତି ବାହାରେ ନୁହେଁ, ଅନ୍ତଃକରଣରେ ହିଁ ମିଳିଥାଏ।

ଇଚ୍ଛା ଓ ଲୋଭର ନିୟନ୍ତ୍ରଣ ହିଁ ଶାନ୍ତିର ପ୍ରଥମ ସୋପାନ। ଯାହାର ଇଚ୍ଛା ଯେତେ କମ୍, ସେ ସେତେ ସୁଖୀ। ସନ୍ତୋଷ ହିଁ ସବୁଠାରୁ ବଡ଼ ଧନ ବୋଲି ଶାସ୍ତ୍ର କହେ।

ଧ୍ୟାନ ଓ ପ୍ରାର୍ଥନା ମନକୁ ଶାନ୍ତ ଓ ସ୍ଥିର କରିଥାଏ। ପ୍ରତିଦିନ ସକାଳେ କିଛି ସମୟ ନୀରବରେ ବସି ନିଜ ନିଶ୍ୱାସ ଉପରେ ଧ୍ୟାନ ଦେଲେ ମାନସିକ ଚାପ କମିଯାଏ ଏବଂ ଅନ୍ତର ଆଲୋକିତ ହୁଏ।

ଭୌତିକ ସୁଖ କ୍ଷଣସ୍ଥାୟୀ, କିନ୍ତୁ ଆତ୍ମିକ ଶାନ୍ତି ଚିରସ୍ଥାୟୀ। ଯେଉଁ ବ୍ୟକ୍ତି ନିଜ ଅନ୍ତରାତ୍ମା ସହ ସଂଯୋଗ ସ୍ଥାପନ କରେ, ସେ ସଂସାରର କୋଳାହଳ ଭିତରେ ମଧ୍ୟ ଶାନ୍ତ ରହିପାରେ।

କ୍ଷମା ଓ କରୁଣା ଅନ୍ତଃକରଣକୁ ନିର୍ମଳ କରେ। ଅନ୍ୟ ପ୍ରତି ଘୃଣା ଓ ଈର୍ଷା ରଖିଲେ ନିଜ ମନ ହିଁ ଜଳେ। ତେଣୁ ସମସ୍ତଙ୍କୁ ଭଲ ପାଇବା ଶିଖିଲେ ମନ ଆପେ ଶାନ୍ତ ହୁଏ।

ସେବା ଓ ତ୍ୟାଗ ମଧ୍ୟରେ ଜୀବନର ପ୍ରକୃତ ଆନନ୍ଦ ଲୁଚି ରହିଛି। ପରମାତ୍ମାଙ୍କ ସ୍ମରଣ, ସତ୍ସଙ୍ଗ ଓ ସଦାଚାର ଦ୍ୱାରା ହିଁ ଅନ୍ତଃକରଣରେ ପରମ ଶାନ୍ତି ପ୍ରତିଷ୍ଠିତ ହୁଏ।

ଆଜିର ବ୍ୟସ୍ତବହୁଳ ଜୀବନରେ ମଣିଷ ସବୁ ପାଇଛି, କିନ୍ତୁ ଶାନ୍ତି ପାଇନାହିଁ। ଧନ, ଯଶ, ପ୍ରତିପତ୍ତି ଥାଇ ମଧ୍ୟ ମନ ଅଶାନ୍ତ। କାରଣ ପ୍ରକୃତ ଶାନ୍ତି ବାହାରେ ନୁହେଁ, ଅନ୍ତଃକରଣରେ ହିଁ ମିଳିଥାଏ।

ଇଚ୍ଛା ଓ ଲୋଭର ନିୟନ୍ତ୍ରଣ ହିଁ ଶାନ୍ତିର ପ୍ରଥମ ସୋପାନ। ଯାହାର ଇଚ୍ଛା ଯେତେ କମ୍, ସେ ସେତେ ସୁଖୀ। ସନ୍ତୋଷ ହିଁ ସବୁଠାରୁ ବଡ଼ ଧନ ବୋଲି ଶାସ୍ତ୍ର କହେ।

ଧ୍ୟାନ ଓ ପ୍ରାର୍ଥନା ମନକୁ ଶାନ୍ତ ଓ ସ୍ଥିର କରିଥାଏ। ପ୍ରତିଦିନ ସକାଳେ କିଛି ସମୟ ନୀରବରେ ବସି ନିଜ ନିଶ୍ୱାସ ଉପରେ ଧ୍ୟାନ ଦେଲେ ମାନସିକ ଚାପ କମିଯାଏ ଏବଂ ଅନ୍ତର ଆଲୋକିତ ହୁଏ।

ଭୌତିକ ସୁଖ କ୍ଷଣସ୍ଥାୟୀ, କିନ୍ତୁ ଆତ୍ମିକ ଶାନ୍ତି ଚିରସ୍ଥାୟୀ। ଯେଉଁ ବ୍ୟକ୍ତି ନିଜ ଅନ୍ତରାତ୍ମା ସହ ସଂଯୋଗ ସ୍ଥାପନ କରେ, ସେ ସଂସାରର କୋଳାହଳ ଭିତରେ ମଧ୍ୟ ଶାନ୍ତ ରହିପାରେ।

କ୍ଷମା ଓ କରୁଣା ଅନ୍ତଃକରଣକୁ ନିର୍ମଳ କରେ। ଅନ୍ୟ ପ୍ରତି ଘୃଣା ଓ ଈର୍ଷା ରଖିଲେ ନିଜ ମନ ହିଁ ଜଳେ। ତେଣୁ ସମସ୍ତଙ୍କୁ ଭଲ ପାଇବା ଶିଖିଲେ ମନ ଆପେ ଶାନ୍ତ ହୁଏ।

ସେବା ଓ ତ୍ୟାଗ ମଧ୍ୟରେ ଜୀବନର ପ୍ରକୃତ ଆନନ୍ଦ ଲୁଚି ରହିଛି। ପରମାତ୍ମାଙ୍କ ସ୍ମରଣ, ସତ୍ସଙ୍ଗ ଓ ସଦାଚାର ଦ୍ୱାରା ହିଁ ଅନ୍ତଃକରଣରେ ପରମ ଶାନ୍ତି ପ୍ରତିଷ୍ଠିତ ହୁଏ।

ମୋ: ୯୩୩୭୦୩୪୫୭୭
ପାଠକଙ୍କ ପତ୍ର
ବେଦ ପୂଜାରେ ଅସହଯୋଗ ଦୁର୍ଭାଗ୍ୟଜନକ

ମହାଶୟ, ଗତ କିଛି ଦିନ ହେଲା ବିଭିନ୍ନ ସ୍ଥାନରେ ବେଦ ପୂଜା ଓ ଯଜ୍ଞ କାର୍ଯ୍ୟକ୍ରମରେ ଅସହଯୋଗର ଘଟଣା ଦେଖିବାକୁ ମିଳୁଛି, ଯାହା ଅତ୍ୟନ୍ତ ଦୁର୍ଭାଗ୍ୟଜନକ। ବେଦ ଆମ ସଂସ୍କୃତିର ମୂଳ ଉତ୍ସ ଏବଂ ଏହାର ସମ୍ମାନ ରକ୍ଷା କରିବା ସମସ୍ତଙ୍କ କର୍ତ୍ତବ୍ୟ।

ଶ୍ରୁତି ପରମ୍ପରାକୁ ବଞ୍ଚାଇ ରଖିବା ପାଇଁ ବେଦପାଠୀ ବ୍ରାହ୍ମଣ ଓ ଗୁରୁକୁଳଗୁଡ଼ିକୁ ପ୍ରୋତ୍ସାହନ ଦେବା ଆବଶ୍ୟକ। କିନ୍ତୁ ପରିତାପର ବିଷୟ, ଆଜି ଏହି ମହାନ ପରମ୍ପରା ପ୍ରତି ସମାଜର ଏକ ବର୍ଗ ଉଦାସୀନ।

ସରକାର ତଥା ସଂସ୍କୃତି ବିଭାଗ ଏ ଦିଗରେ ଦୃଷ୍ଟି ଦେଇ ବେଦ ଶିକ୍ଷା ଓ ବୈଦିକ କର୍ମକାଣ୍ଡର ସଂରକ୍ଷଣ ପାଇଁ ଠୋସ୍ ପଦକ୍ଷେପ ନିଅନ୍ତୁ ବୋଲି ଜନସାଧାରଣଙ୍କ ଦାବି।

ଆଶା, ସମ୍ପୃକ୍ତ କର୍ତ୍ତୃପକ୍ଷ ଏ ପ୍ରତି ଧ୍ୟାନ ଦେବେ ଏବଂ ଭବିଷ୍ୟତରେ ଏଭଳି ଅସହଯୋଗ ଘଟଣାର ପୁନରାବୃତ୍ତି ନ ହେବ।

ପ୍ରତାପ କୁମାର ଜେନା, ଭୁବନେଶ୍ୱର • ମୋ: ୯୪୩୭୩୨୪୩୦୭
